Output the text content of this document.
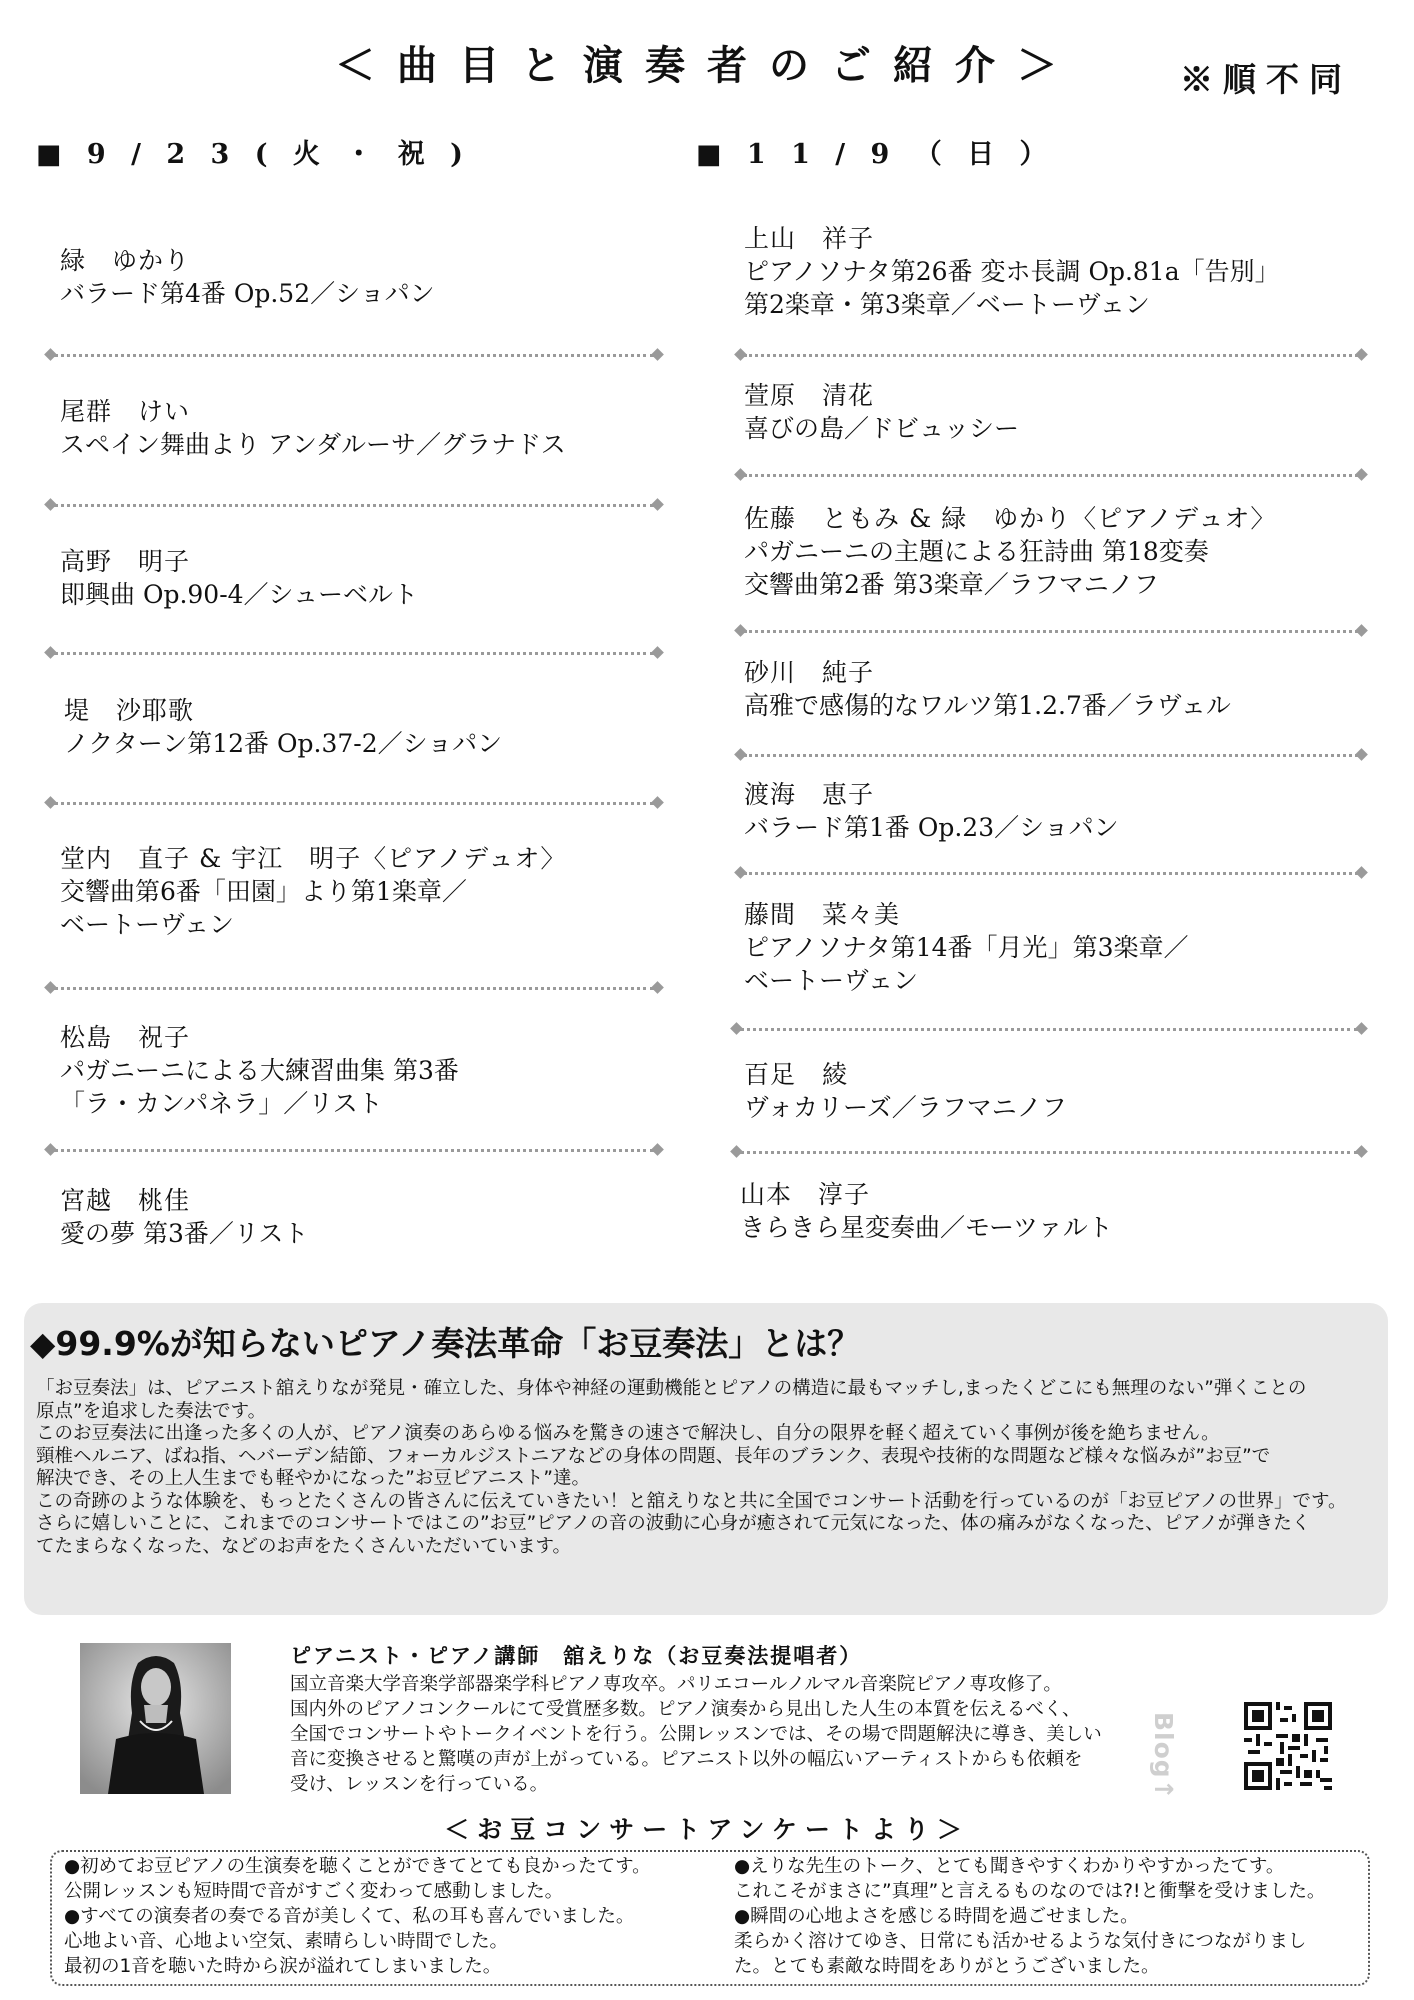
＜曲目と演奏者のご紹介＞	※順不同
■ 9 / 2 3 ( 火 ・ 祝 )	■ 1 1 / 9 （ 日 ）
緑　ゆかり
バラード第4番 Op.52／ショパン
尾群　けい
スペイン舞曲より アンダルーサ／グラナドス
高野　明子
即興曲 Op.90-4／シューベルト
堤　沙耶歌
ノクターン第12番 Op.37-2／ショパン
堂内　直子 & 宇江　明子〈ピアノデュオ〉
交響曲第6番「田園」より第1楽章／
ベートーヴェン
松島　祝子
パガニーニによる大練習曲集 第3番
「ラ・カンパネラ」／リスト
宮越　桃佳
愛の夢 第3番／リスト
上山　祥子
ピアノソナタ第26番 変ホ長調 Op.81a「告別」
第2楽章・第3楽章／ベートーヴェン
萱原　清花
喜びの島／ドビュッシー
佐藤　ともみ & 緑　ゆかり〈ピアノデュオ〉
パガニーニの主題による狂詩曲 第18変奏
交響曲第2番 第3楽章／ラフマニノフ
砂川　純子
高雅で感傷的なワルツ第1.2.7番／ラヴェル
渡海　恵子
バラード第1番 Op.23／ショパン
藤間　菜々美
ピアノソナタ第14番「月光」第3楽章／
ベートーヴェン
百足　綾
ヴォカリーズ／ラフマニノフ
山本　淳子
きらきら星変奏曲／モーツァルト
◆99.9%が知らないピアノ奏法革命「お豆奏法」とは？
「お豆奏法」は、ピアニスト舘えりなが発見・確立した、身体や神経の運動機能とピアノの構造に最もマッチし,まったくどこにも無理のない”弾くことの
原点”を追求した奏法です。
このお豆奏法に出逢った多くの人が、ピアノ演奏のあらゆる悩みを驚きの速さで解決し、自分の限界を軽く超えていく事例が後を絶ちません。
頸椎ヘルニア、ばね指、ヘバーデン結節、フォーカルジストニアなどの身体の問題、長年のブランク、表現や技術的な問題など様々な悩みが”お豆”で
解決でき、その上人生までも軽やかになった”お豆ピアニスト”達。
この奇跡のような体験を、もっとたくさんの皆さんに伝えていきたい！と舘えりなと共に全国でコンサート活動を行っているのが「お豆ピアノの世界」です。
さらに嬉しいことに、これまでのコンサートではこの”お豆”ピアノの音の波動に心身が癒されて元気になった、体の痛みがなくなった、ピアノが弾きたく
てたまらなくなった、などのお声をたくさんいただいています。
ピアニスト・ピアノ講師　舘えりな（お豆奏法提唱者）
国立音楽大学音楽学部器楽学科ピアノ専攻卒。パリエコールノルマル音楽院ピアノ専攻修了。
国内外のピアノコンクールにて受賞歴多数。ピアノ演奏から見出した人生の本質を伝えるべく、
全国でコンサートやトークイベントを行う。公開レッスンでは、その場で問題解決に導き、美しい
音に変換させると驚嘆の声が上がっている。ピアニスト以外の幅広いアーティストからも依頼を
受け、レッスンを行っている。	Blog↑
＜お豆コンサートアンケートより＞
●初めてお豆ピアノの生演奏を聴くことができてとても良かったてす。
公開レッスンも短時間で音がすごく変わって感動しました。
●すべての演奏者の奏でる音が美しくて、私の耳も喜んでいました。
心地よい音、心地よい空気、素晴らしい時間でした。
最初の1音を聴いた時から涙が溢れてしまいました。
●えりな先生のトーク、とても聞きやすくわかりやすかったてす。
これこそがまさに”真理”と言えるものなのでは?!と衝撃を受けました。
●瞬間の心地よさを感じる時間を過ごせました。
柔らかく溶けてゆき、日常にも活かせるような気付きにつながりまし
た。とても素敵な時間をありがとうございました。
